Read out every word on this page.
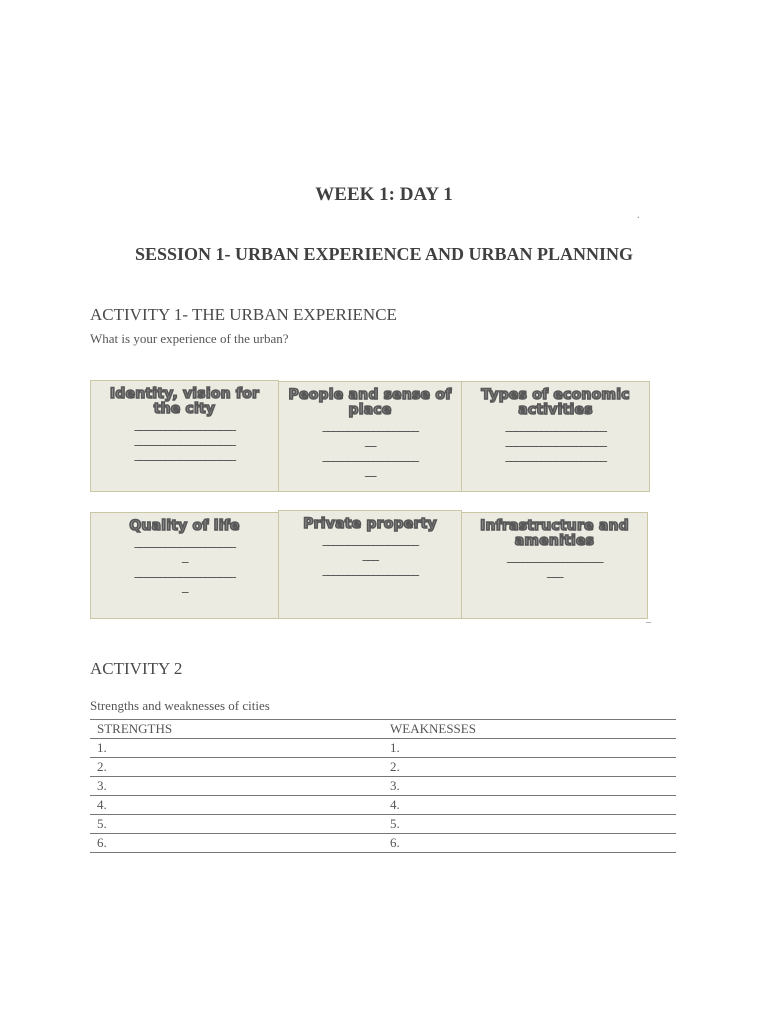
WEEK 1: DAY 1
.
SESSION 1- URBAN EXPERIENCE AND URBAN PLANNING
ACTIVITY 1- THE URBAN EXPERIENCE
What is your experience of the urban?
Identity, vision for the city
____________________
____________________
____________________
People and sense of place
___________________
__
___________________
__
Types of economic activities
____________________
____________________
____________________
Quality of life
____________________
_
____________________
_
Private property
___________________
___
___________________
Infrastructure and amenities
___________________
___
_
ACTIVITY 2
Strengths and weaknesses of cities
STRENGTHS	WEAKNESSES
1.	1.
2.	2.
3.	3.
4.	4.
5.	5.
6.	6.
